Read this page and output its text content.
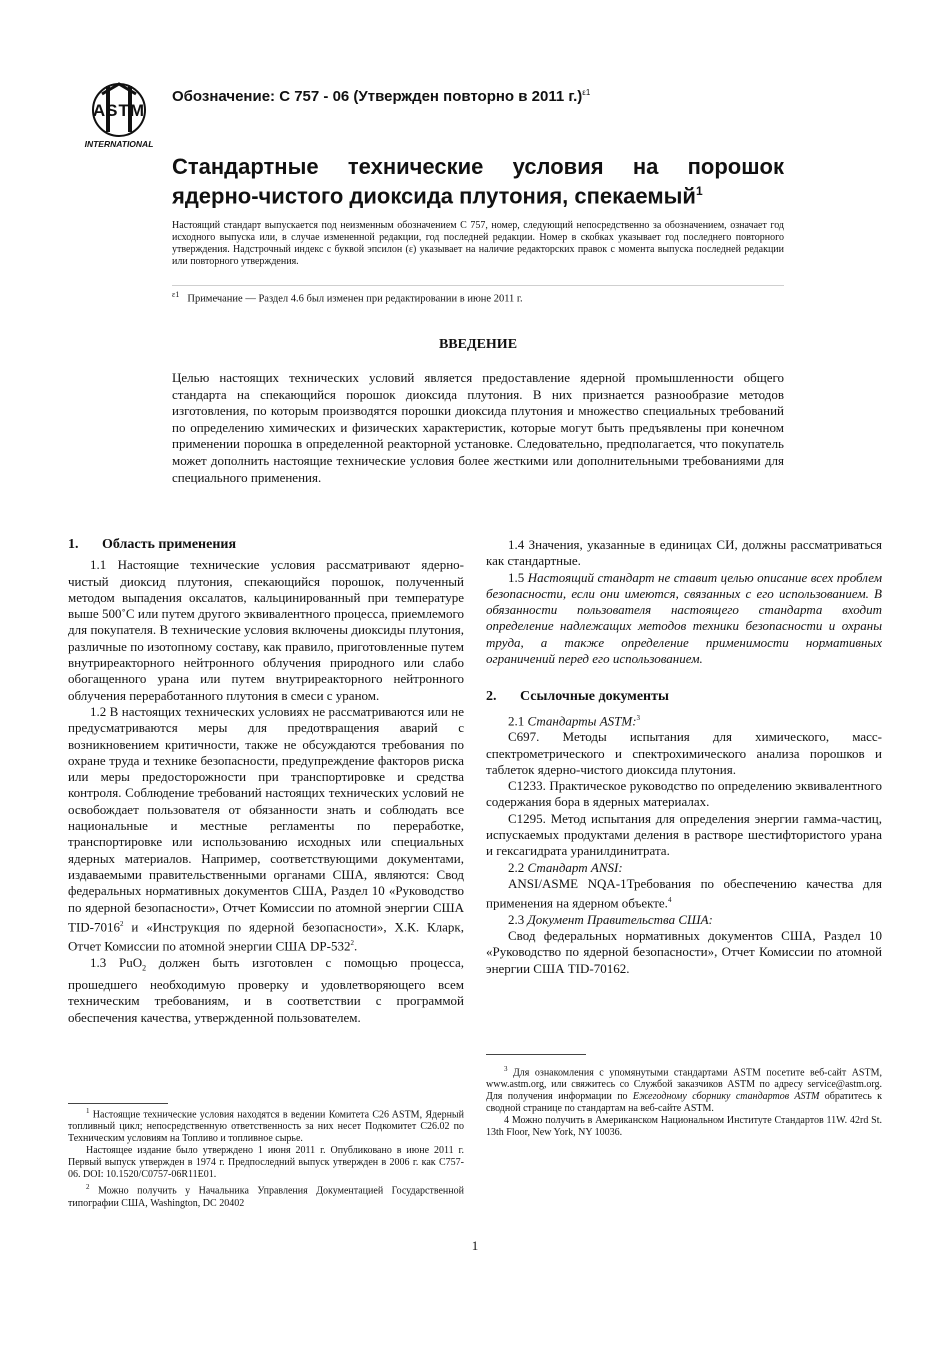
ASTM
INTERNATIONAL
Обозначение: C 757 - 06 (Утвержден повторно в 2011 г.)$^{\varepsilon 1}$
Стандартные технические условия на порошок ядерно-чистого диоксида плутония, спекаемый$^1$
Настоящий стандарт выпускается под неизменным обозначением C 757, номер, следующий непосредственно за обозначением, означает год исходного выпуска или, в случае измененной редакции, год последней редакции. Номер в скобках указывает год последнего повторного утверждения. Надстрочный индекс с буквой эпсилон (ε) указывает на наличие редакторских правок с момента выпуска последней редакции или повторного утверждения.
$^{\varepsilon 1}$ Примечание — Раздел 4.6 был изменен при редактировании в июне 2011 г.
ВВЕДЕНИЕ
Целью настоящих технических условий является предоставление ядерной промышленности общего стандарта на спекающийся порошок диоксида плутония. В них признается разнообразие методов изготовления, по которым производятся порошки диоксида плутония и множество специальных требований по определению химических и физических характеристик, которые могут быть предъявлены при конечном применении порошка в определенной реакторной установке. Следовательно, предполагается, что покупатель может дополнить настоящие технические условия более жесткими или дополнительными требованиями для специального применения.
1. Область применения

1.1 Настоящие технические условия рассматривают ядерно-чистый диоксид плутония, спекающийся порошок, полученный методом выпадения оксалатов, кальцинированный при температуре выше 500˚C или путем другого эквивалентного процесса, приемлемого для покупателя. В технические условия включены диоксиды плутония, различные по изотопному составу, как правило, приготовленные путем внутриреакторного нейтронного облучения природного или слабо обогащенного урана или путем внутриреакторного нейтронного облучения переработанного плутония в смеси с ураном.

1.2 В настоящих технических условиях не рассматриваются или не предусматриваются меры для предотвращения аварий с возникновением критичности, также не обсуждаются требования по охране труда и технике безопасности, предупреждение факторов риска или меры предосторожности при транспортировке и средства контроля. Соблюдение требований настоящих технических условий не освобождает пользователя от обязанности знать и соблюдать все национальные и местные регламенты по переработке, транспортировке или использованию исходных или специальных ядерных материалов. Например, соответствующими документами, издаваемыми правительственными органами США, являются: Свод федеральных нормативных документов США, Раздел 10 «Руководство по ядерной безопасности», Отчет Комиссии по атомной энергии США TID-7016$^2$ и «Инструкция по ядерной безопасности», Х.К. Кларк, Отчет Комиссии по атомной энергии США $DP-532^2$.

1.3 PuO$_2$ должен быть изготовлен с помощью процесса, прошедшего необходимую проверку и удовлетворяющего всем техническим требованиям, и в соответствии с программой обеспечения качества, утвержденной пользователем.

$^1$ Настоящие технические условия находятся в ведении Комитета C26 ASTM, Ядерный топливный цикл; непосредственную ответственность за них несет Подкомитет C26.02 по Техническим условиям на Топливо и топливное сырье.

Настоящее издание было утверждено 1 июня 2011 г. Опубликовано в июне 2011 г. Первый выпуск утвержден в 1974 г. Предпоследний выпуск утвержден в 2006 г. как C757-06. DOI: 10.1520/C0757-06R11E01.

$^2$ Можно получить у Начальника Управления Документацией Государственной типографии США, Washington, DC 20402

1.4 Значения, указанные в единицах СИ, должны рассматриваться как стандартные.

1.5 Настоящий стандарт не ставит целью описание всех проблем безопасности, если они имеются, связанных с его использованием. В обязанности пользователя настоящего стандарта входит определение надлежащих методов техники безопасности и охраны труда, а также определение применимости нормативных ограничений перед его использованием.

2. Ссылочные документы

2.1 Стандарты ASTM:$^3$

C697. Методы испытания для химического, масс-спектрометрического и спектрохимического анализа порошков и таблеток ядерно-чистого диоксида плутония.

C1233. Практическое руководство по определению эквивалентного содержания бора в ядерных материалах.

C1295. Метод испытания для определения энергии гамма-частиц, испускаемых продуктами деления в растворе шестифтористого урана и гексагидрата уранилдинитрата.

2.2 Стандарт ANSI:

ANSI/ASME NQA-1Требования по обеспечению качества для применения на ядерном объекте.$^4$

2.3 Документ Правительства США:

Свод федеральных нормативных документов США, Раздел 10 «Руководство по ядерной безопасности», Отчет Комиссии по атомной энергии США TID-70162.

$^3$ Для ознакомления с упомянутыми стандартами ASTM посетите веб-сайт ASTM, www.astm.org, или свяжитесь со Службой заказчиков ASTM по адресу service@astm.org. Для получения информации по Ежегодному сборнику стандартов ASTM обратитесь к сводной странице по стандартам на веб-сайте ASTM.

4 Можно получить в Американском Национальном Институте Стандартов 11W. 42rd St. 13th Floor, New York, NY 10036.

1
